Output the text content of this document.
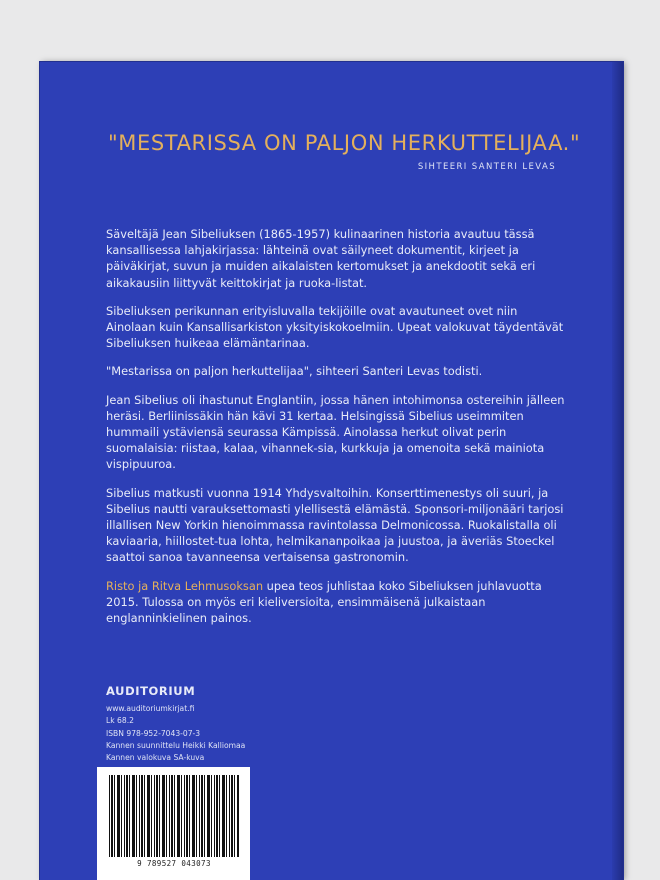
"MESTARISSA ON PALJON HERKUTTELIJAA."
SIHTEERI SANTERI LEVAS

Säveltäjä Jean Sibeliuksen (1865-1957) kulinaarinen historia avautuu tässä kansallisessa lahjakirjassa: lähteinä ovat säilyneet dokumentit, kirjeet ja päiväkirjat, suvun ja muiden aikalaisten kertomukset ja anekdootit sekä eri aikakausiin liittyvät keittokirjat ja ruoka-listat.

Sibeliuksen perikunnan erityisluvalla tekijöille ovat avautuneet ovet niin Ainolaan kuin Kansallisarkiston yksityiskokoelmiin. Upeat valokuvat täydentävät Sibeliuksen huikeaa elämäntarinaa.

"Mestarissa on paljon herkuttelijaa", sihteeri Santeri Levas todisti.

Jean Sibelius oli ihastunut Englantiin, jossa hänen intohimonsa ostereihin jälleen heräsi. Berliinissäkin hän kävi 31 kertaa. Helsingissä Sibelius useimmiten hummaili ystäviensä seurassa Kämpissä. Ainolassa herkut olivat perin suomalaisia: riistaa, kalaa, vihannek-sia, kurkkuja ja omenoita sekä mainiota vispipuuroa.

Sibelius matkusti vuonna 1914 Yhdysvaltoihin. Konserttimenestys oli suuri, ja Sibelius nautti varauksettomasti ylellisestä elämästä. Sponsori-miljonääri tarjosi illallisen New Yorkin hienoimmassa ravintolassa Delmonicossa. Ruokalistalla oli kaviaaria, hiillostet-tua lohta, helmikananpoikaa ja juustoa, ja äveriäs Stoeckel saattoi sanoa tavanneensa vertaisensa gastronomin.

Risto ja Ritva Lehmusoksan upea teos juhlistaa koko Sibeliuksen juhlavuotta 2015. Tulossa on myös eri kieliversioita, ensimmäisenä julkaistaan englanninkielinen painos.

AUDITORIUM
www.auditoriumkirjat.fi
Lk 68.2
ISBN 978-952-7043-07-3
Kannen suunnittelu Heikki Kalliomaa
Kannen valokuva SA-kuva
9 789527 043073
